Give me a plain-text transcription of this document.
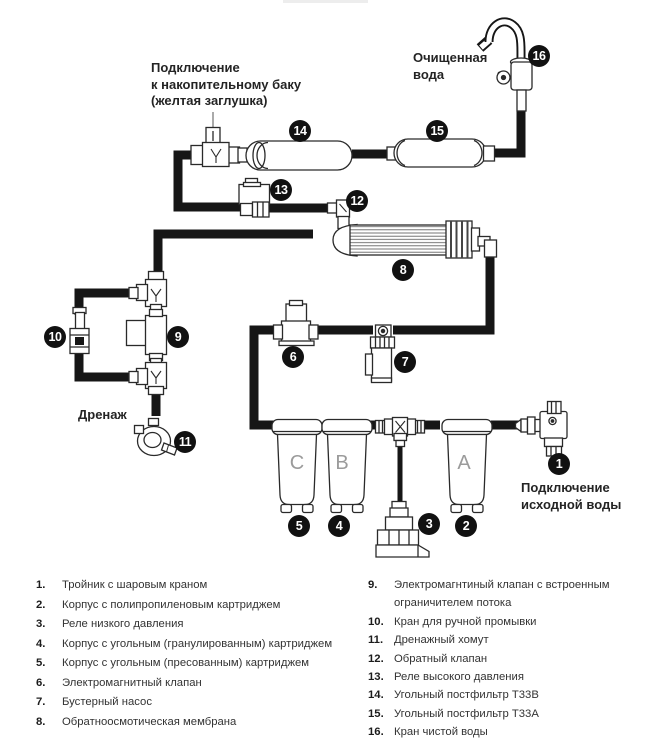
Подключение
к накопительному баку
(желтая заглушка)
Очищенная
вода
Дренаж
Подключение
исходной воды
C B	A	1
2
3
4
5
6	7
8
9
10
11
12
13
14	15
16
1.	Тройник с шаровым краном
2.	Корпус с полипропиленовым картриджем
3.	Реле низкого давления
4.	Корпус с угольным (гранулированным) картриджем
5.	Корпус с угольным (пресованным) картриджем
6.	Электромагнитный клапан
7.	Бустерный насос
8.	Обратноосмотическая мембрана
9.	Электромагнтиный клапан с встроенным ограничителем потока
10. Кран для ручной промывки
11. Дренажный хомут
12. Обратный клапан
13. Реле высокого давления
14. Угольный постфильтр Т33В
15. Угольный постфильтр Т33А
16. Кран чистой воды
